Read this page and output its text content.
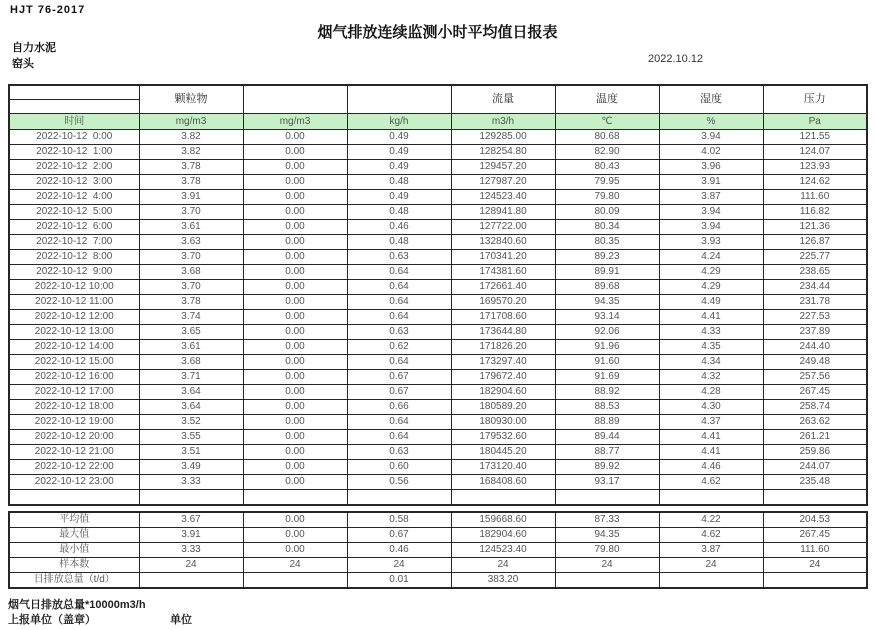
HJT 76-2017
烟气排放连续监测小时平均值日报表
自力水泥
窑头	2022.10.12
	颗粒物			流量	温度	湿度	压力

时间	mg/m3	mg/m3	kg/h	m3/h	℃	%	Pa
2022-10-12  0:00	3.82	0.00	0.49	129285.00	80.68	3.94	121.55
2022-10-12  1:00	3.82	0.00	0.49	128254.80	82.90	4.02	124.07
2022-10-12  2:00	3.78	0.00	0.49	129457.20	80.43	3.96	123.93
2022-10-12  3:00	3.78	0.00	0.48	127987.20	79.95	3.91	124.62
2022-10-12  4:00	3.91	0.00	0.49	124523.40	79.80	3.87	111.60
2022-10-12  5:00	3.70	0.00	0.48	128941.80	80.09	3.94	116.82
2022-10-12  6:00	3.61	0.00	0.46	127722.00	80.34	3.94	121.36
2022-10-12  7:00	3.63	0.00	0.48	132840.60	80.35	3.93	126.87
2022-10-12  8:00	3.70	0.00	0.63	170341.20	89.23	4.24	225.77
2022-10-12  9:00	3.68	0.00	0.64	174381.60	89.91	4.29	238.65
2022-10-12 10:00	3.70	0.00	0.64	172661.40	89.68	4.29	234.44
2022-10-12 11:00	3.78	0.00	0.64	169570.20	94.35	4.49	231.78
2022-10-12 12:00	3.74	0.00	0.64	171708.60	93.14	4.41	227.53
2022-10-12 13:00	3.65	0.00	0.63	173644.80	92.06	4.33	237.89
2022-10-12 14:00	3.61	0.00	0.62	171826.20	91.96	4.35	244.40
2022-10-12 15:00	3.68	0.00	0.64	173297.40	91.60	4.34	249.48
2022-10-12 16:00	3.71	0.00	0.67	179672.40	91.69	4.32	257.56
2022-10-12 17:00	3.64	0.00	0.67	182904.60	88.92	4.28	267.45
2022-10-12 18:00	3.64	0.00	0.66	180589.20	88.53	4.30	258.74
2022-10-12 19:00	3.52	0.00	0.64	180930.00	88.89	4.37	263.62
2022-10-12 20:00	3.55	0.00	0.64	179532.60	89.44	4.41	261.21
2022-10-12 21:00	3.51	0.00	0.63	180445.20	88.77	4.41	259.86
2022-10-12 22:00	3.49	0.00	0.60	173120.40	89.92	4.46	244.07
2022-10-12 23:00	3.33	0.00	0.56	168408.60	93.17	4.62	235.48

平均值	3.67	0.00	0.58	159668.60	87.33	4.22	204.53
最大值	3.91	0.00	0.67	182904.60	94.35	4.62	267.45
最小值	3.33	0.00	0.46	124523.40	79.80	3.87	111.60
样本数	24	24	24	24	24	24	24
日排放总量（t/d）			0.01	383.20			
烟气日排放总量*10000m3/h
上报单位（盖章）	单位
